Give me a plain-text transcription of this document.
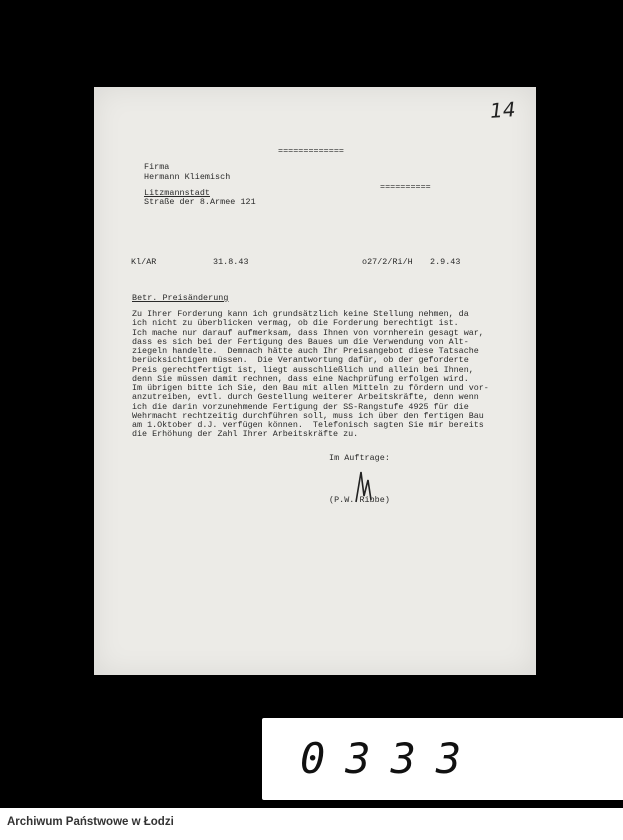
14
=============
Firma
Hermann Kliemisch
Litzmannstadt
Straße der 8.Armee 121
==========
Kl/AR	31.8.43	o27/2/Ri/H 2.9.43
Betr. Preisänderung
Zu Ihrer Forderung kann ich grundsätzlich keine Stellung nehmen, da
ich nicht zu überblicken vermag, ob die Forderung berechtigt ist.
Ich mache nur darauf aufmerksam, dass Ihnen von vornherein gesagt war,
dass es sich bei der Fertigung des Baues um die Verwendung von Alt-
ziegeln handelte.  Demnach hätte auch Ihr Preisangebot diese Tatsache
berücksichtigen müssen.  Die Verantwortung dafür, ob der geforderte
Preis gerechtfertigt ist, liegt ausschließlich und allein bei Ihnen,
denn Sie müssen damit rechnen, dass eine Nachprüfung erfolgen wird.
Im übrigen bitte ich Sie, den Bau mit allen Mitteln zu fördern und vor-
anzutreiben, evtl. durch Gestellung weiterer Arbeitskräfte, denn wenn
ich die darin vorzunehmende Fertigung der SS-Rangstufe 4925 für die
Wehrmacht rechtzeitig durchführen soll, muss ich über den fertigen Bau
am 1.Oktober d.J. verfügen können.  Telefonisch sagten Sie mir bereits
die Erhöhung der Zahl Ihrer Arbeitskräfte zu.
Im Auftrage:
(P.W. Ribbe)
0333
Archiwum Państwowe w Łodzi
